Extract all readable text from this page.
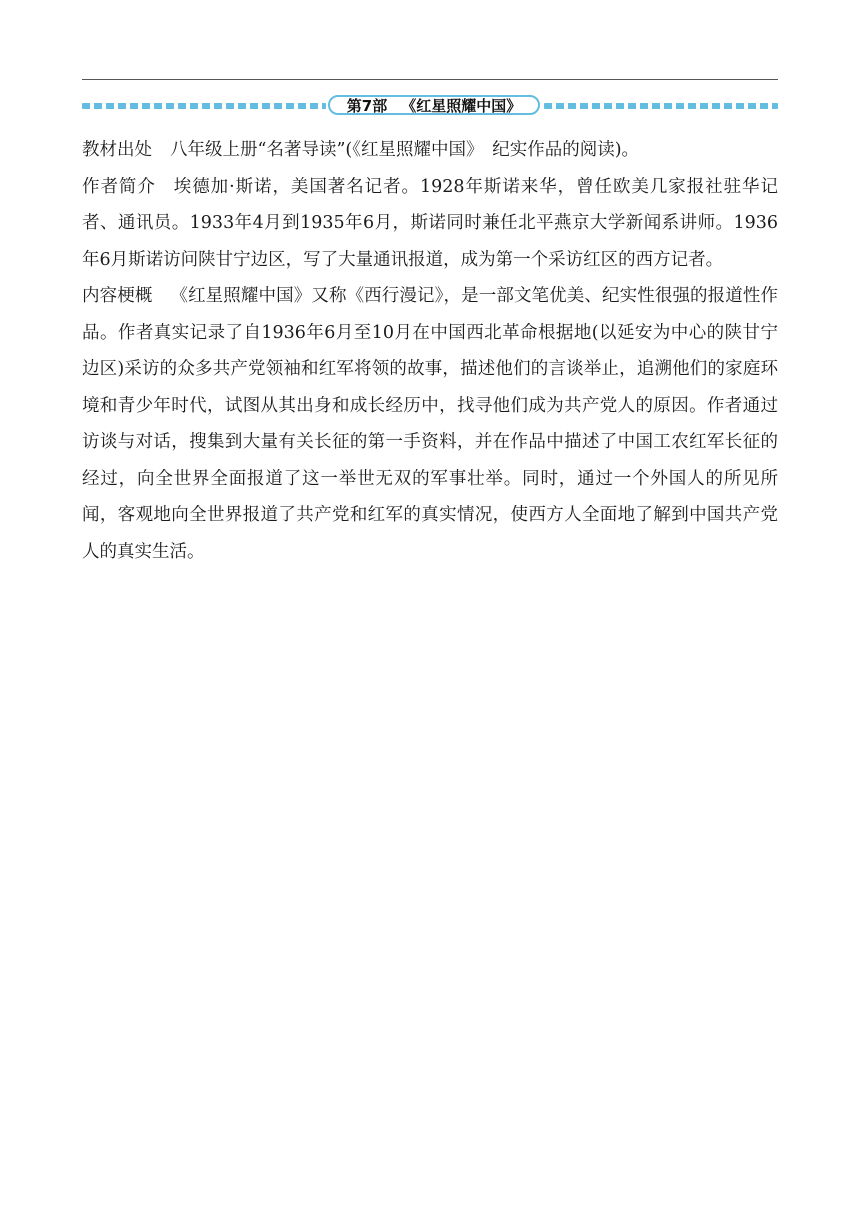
第7部 《红星照耀中国》

教材出处 八年级上册“名著导读”(《红星照耀中国》　纪实作品的阅读)。

作者简介 埃德加·斯诺，美国著名记者。1928年斯诺来华，曾任欧美几家报社驻华记者、通讯员。1933年4月到1935年6月，斯诺同时兼任北平燕京大学新闻系讲师。1936年6月斯诺访问陕甘宁边区，写了大量通讯报道，成为第一个采访红区的西方记者。

内容梗概 《红星照耀中国》又称《西行漫记》，是一部文笔优美、纪实性很强的报道性作品。作者真实记录了自1936年6月至10月在中国西北革命根据地(以延安为中心的陕甘宁边区)采访的众多共产党领袖和红军将领的故事，描述他们的言谈举止，追溯他们的家庭环境和青少年时代，试图从其出身和成长经历中，找寻他们成为共产党人的原因。作者通过访谈与对话，搜集到大量有关长征的第一手资料，并在作品中描述了中国工农红军长征的经过，向全世界全面报道了这一举世无双的军事壮举。同时，通过一个外国人的所见所闻，客观地向全世界报道了共产党和红军的真实情况，使西方人全面地了解到中国共产党人的真实生活。
